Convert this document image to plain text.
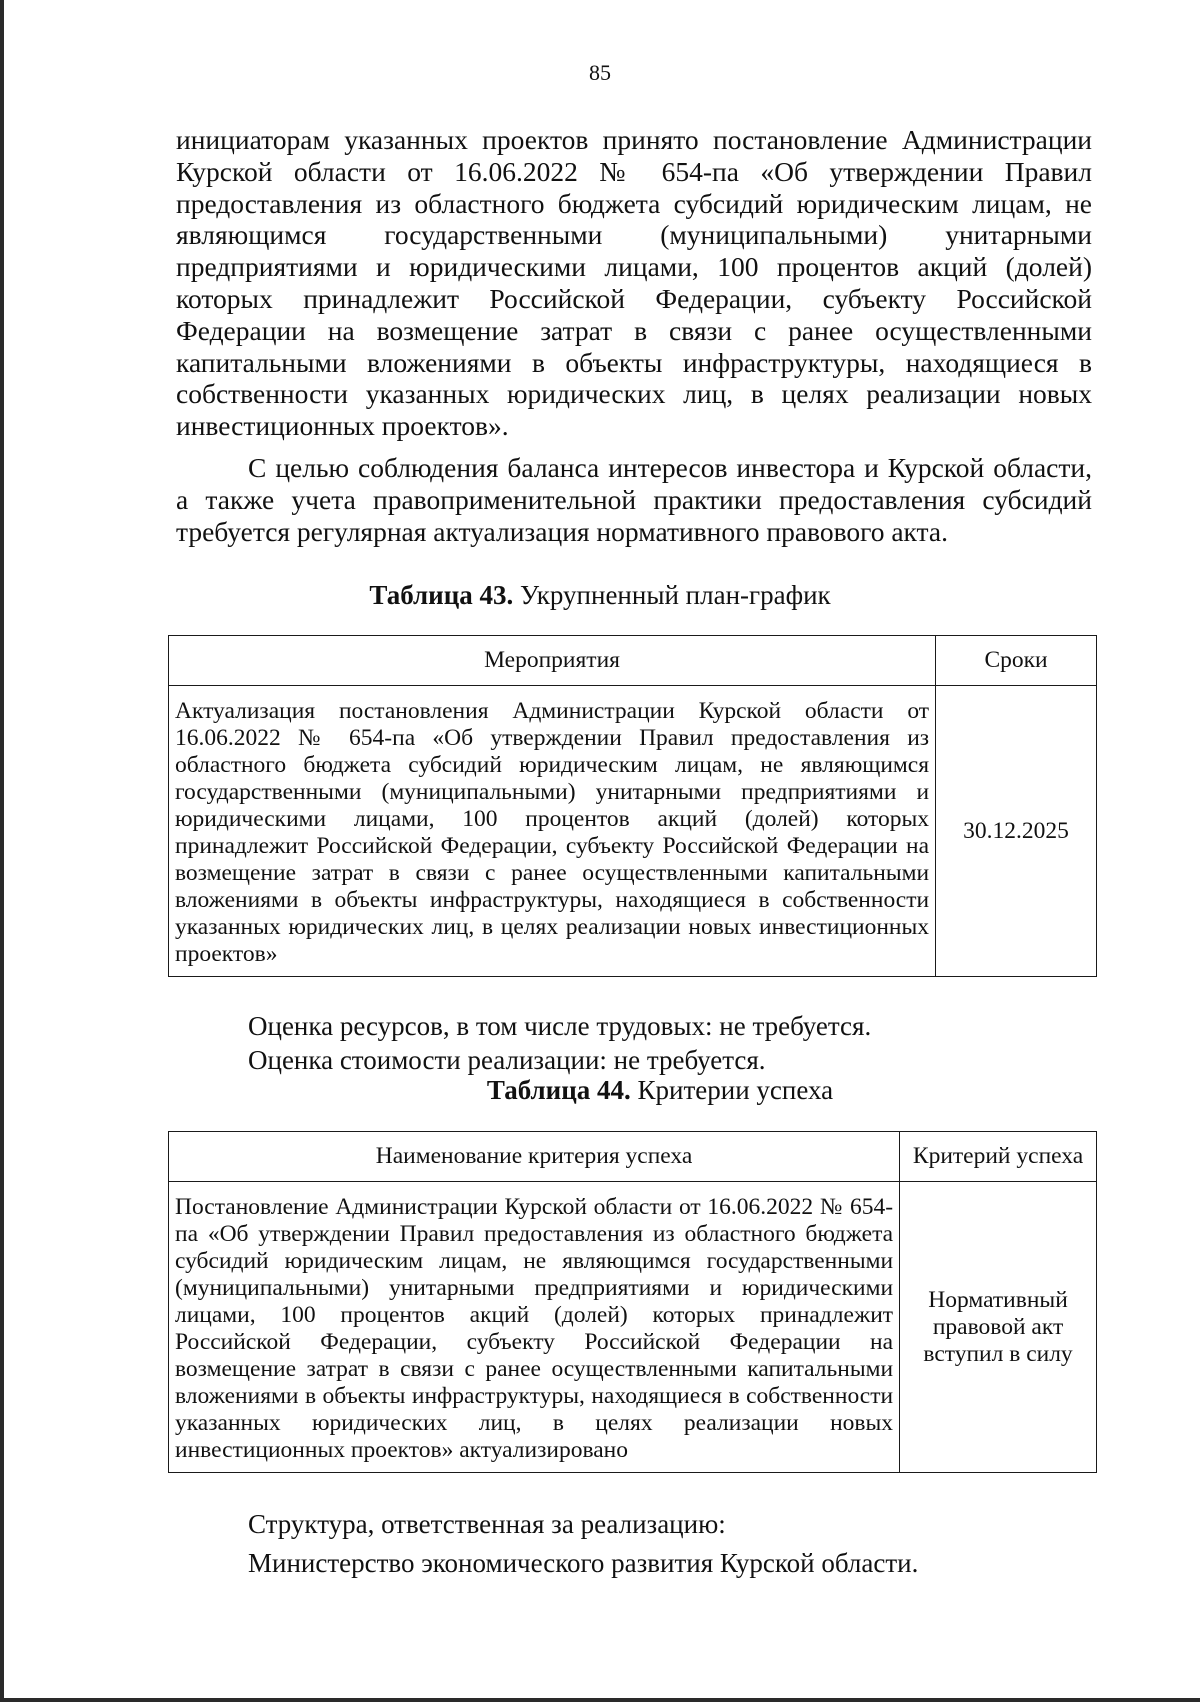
85
инициаторам указанных проектов принято постановление Администрации Курской области от 16.06.2022 № 654-па «Об утверждении Правил предоставления из областного бюджета субсидий юридическим лицам, не являющимся государственными (муниципальными) унитарными предприятиями и юридическими лицами, 100 процентов акций (долей) которых принадлежит Российской Федерации, субъекту Российской Федерации на возмещение затрат в связи с ранее осуществленными капитальными вложениями в объекты инфраструктуры, находящиеся в собственности указанных юридических лиц, в целях реализации новых инвестиционных проектов».
С целью соблюдения баланса интересов инвестора и Курской области, а также учета правоприменительной практики предоставления субсидий требуется регулярная актуализация нормативного правового акта.
Таблица 43. Укрупненный план-график
Мероприятия	Сроки
Актуализация постановления Администрации Курской области от 16.06.2022 № 654-па «Об утверждении Правил предоставления из областного бюджета субсидий юридическим лицам, не являющимся государственными (муниципальными) унитарными предприятиями и юридическими лицами, 100 процентов акций (долей) которых принадлежит Российской Федерации, субъекту Российской Федерации на возмещение затрат в связи с ранее осуществленными капитальными вложениями в объекты инфраструктуры, находящиеся в собственности указанных юридических лиц, в целях реализации новых инвестиционных проектов»	30.12.2025
Оценка ресурсов, в том числе трудовых: не требуется.
Оценка стоимости реализации: не требуется.
Таблица 44. Критерии успеха
Наименование критерия успеха	Критерий успеха
Постановление Администрации Курской области от 16.06.2022 № 654-па «Об утверждении Правил предоставления из областного бюджета субсидий юридическим лицам, не являющимся государственными (муниципальными) унитарными предприятиями и юридическими лицами, 100 процентов акций (долей) которых принадлежит Российской Федерации, субъекту Российской Федерации на возмещение затрат в связи с ранее осуществленными капитальными вложениями в объекты инфраструктуры, находящиеся в собственности указанных юридических лиц, в целях реализации новых инвестиционных проектов» актуализировано	Нормативный правовой акт вступил в силу
Структура, ответственная за реализацию:
Министерство экономического развития Курской области.
